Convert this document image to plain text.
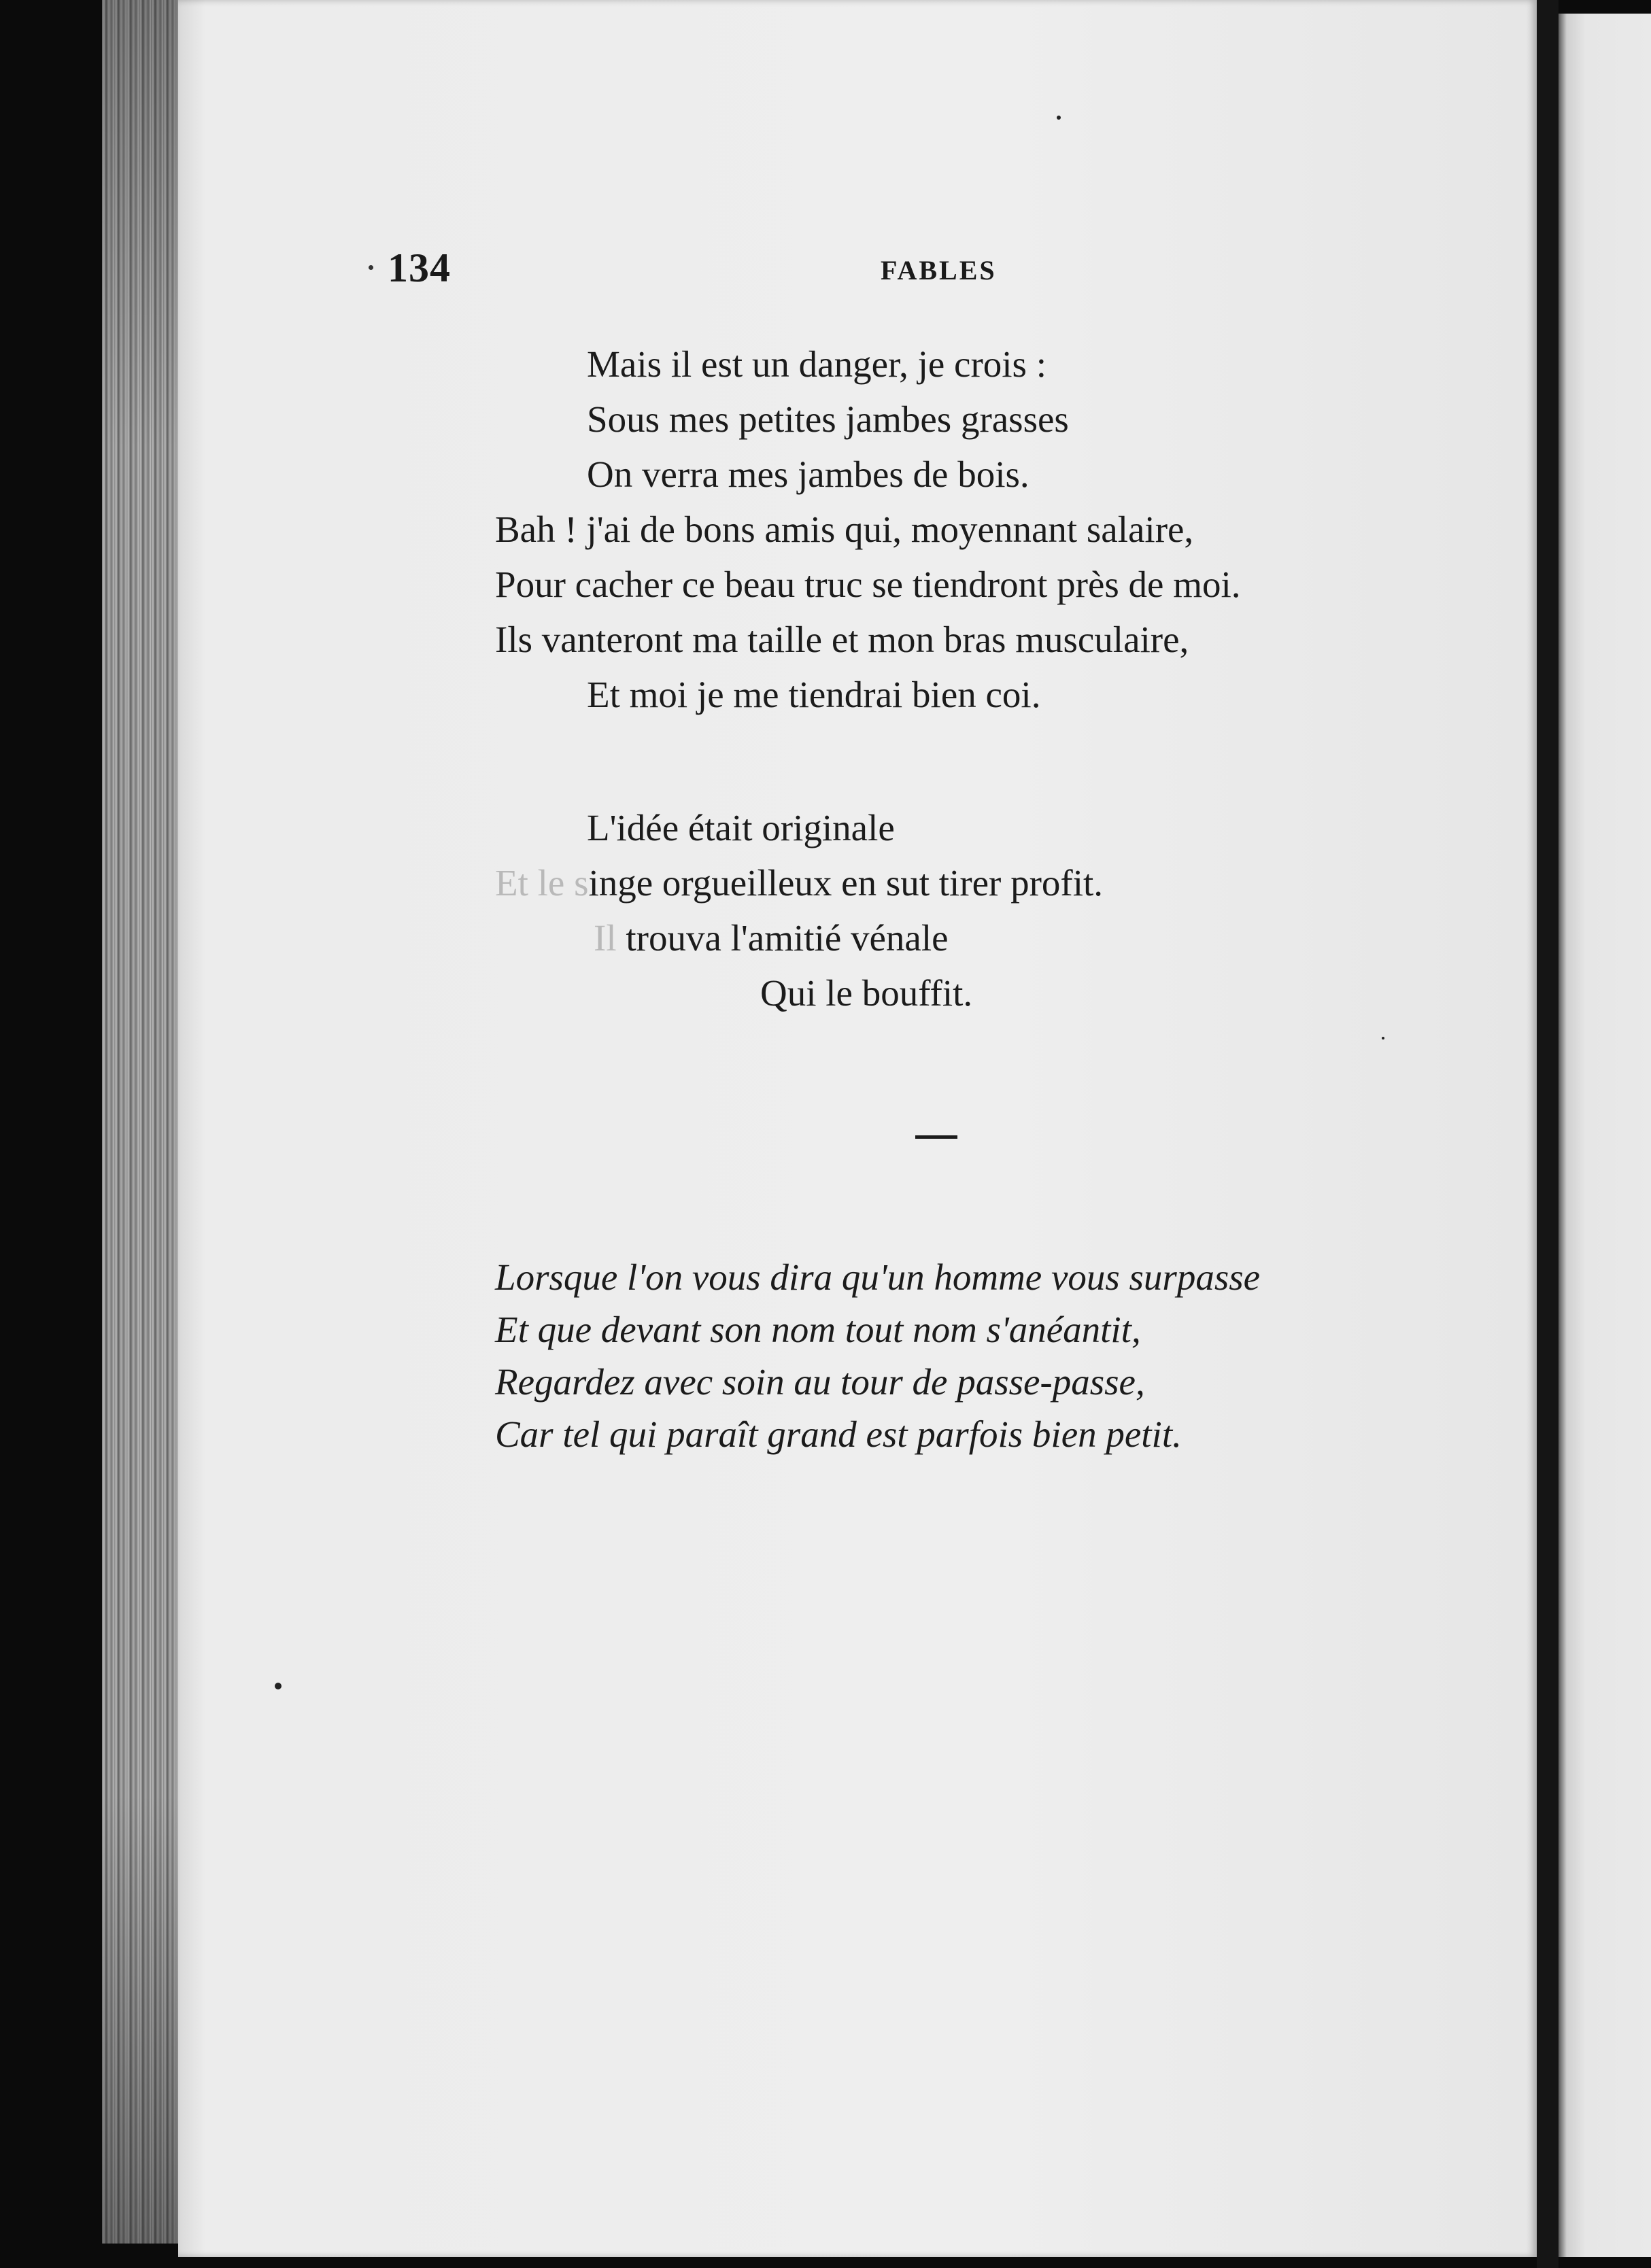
134	FABLES
Mais il est un danger, je crois :
Sous mes petites jambes grasses
On verra mes jambes de bois.
Bah ! j'ai de bons amis qui, moyennant salaire,
Pour cacher ce beau truc se tiendront près de moi.
Ils vanteront ma taille et mon bras musculaire,
Et moi je me tiendrai bien coi.
L'idée était originale
Et le singe orgueilleux en sut tirer profit.
Il trouva l'amitié vénale
Qui le bouffit.
Lorsque l'on vous dira qu'un homme vous surpasse
Et que devant son nom tout nom s'anéantit,
Regardez avec soin au tour de passe-passe,
Car tel qui paraît grand est parfois bien petit.
